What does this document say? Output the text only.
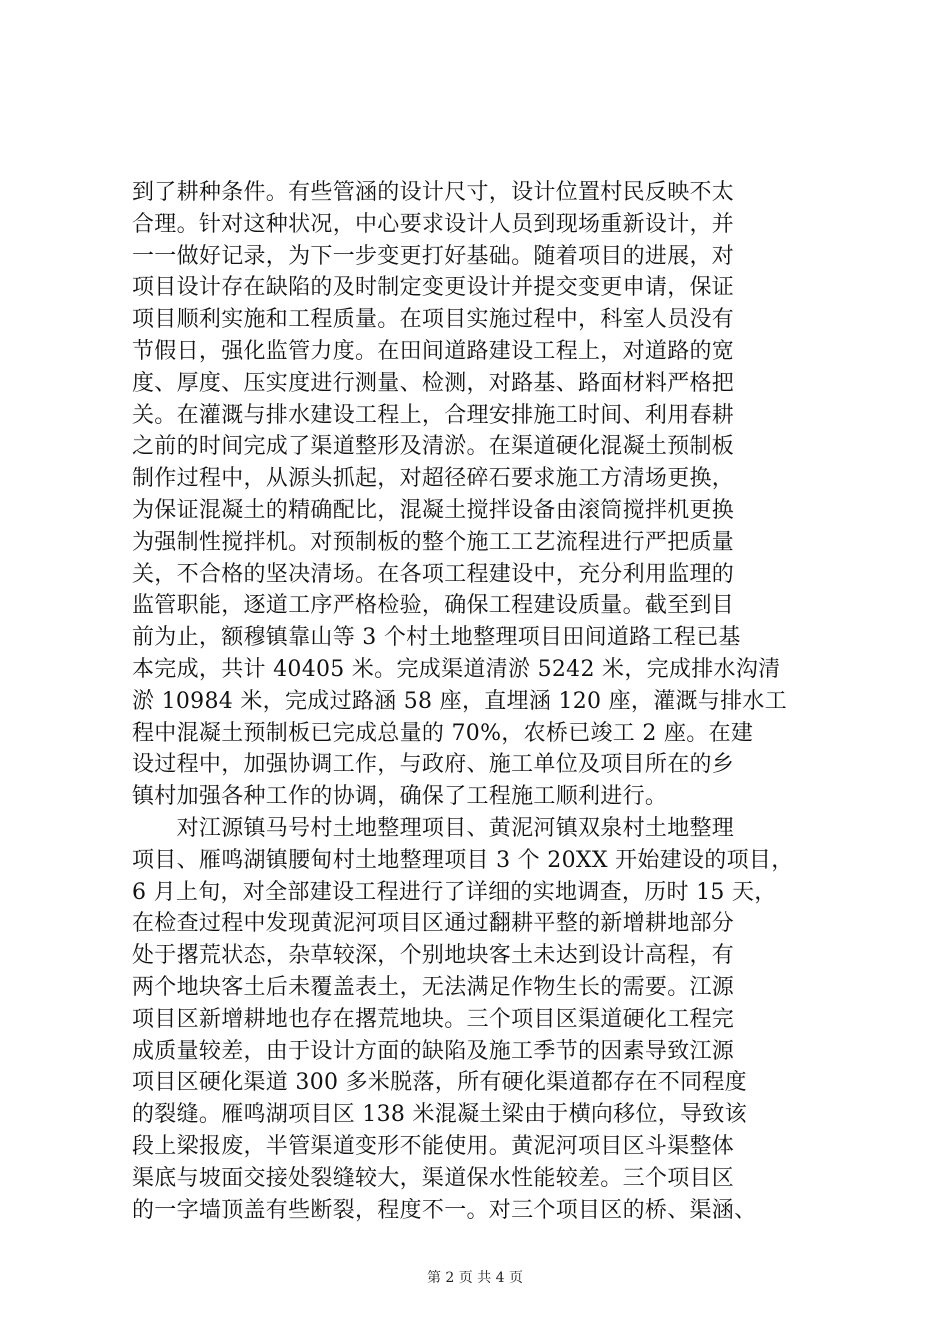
到了耕种条件。有些管涵的设计尺寸，设计位置村民反映不太
合理。针对这种状况，中心要求设计人员到现场重新设计，并
一一做好记录，为下一步变更打好基础。随着项目的进展，对
项目设计存在缺陷的及时制定变更设计并提交变更申请，保证
项目顺利实施和工程质量。在项目实施过程中，科室人员没有
节假日，强化监管力度。在田间道路建设工程上，对道路的宽
度、厚度、压实度进行测量、检测，对路基、路面材料严格把
关。在灌溉与排水建设工程上，合理安排施工时间、利用春耕
之前的时间完成了渠道整形及清淤。在渠道硬化混凝土预制板
制作过程中，从源头抓起，对超径碎石要求施工方清场更换，
为保证混凝土的精确配比，混凝土搅拌设备由滚筒搅拌机更换
为强制性搅拌机。对预制板的整个施工工艺流程进行严把质量
关，不合格的坚决清场。在各项工程建设中，充分利用监理的
监管职能，逐道工序严格检验，确保工程建设质量。截至到目
前为止，额穆镇靠山等 3 个村土地整理项目田间道路工程已基
本完成，共计 40405 米。完成渠道清淤 5242 米，完成排水沟清
淤 10984 米，完成过路涵 58 座，直埋涵 120 座，灌溉与排水工
程中混凝土预制板已完成总量的 70%，农桥已竣工 2 座。在建
设过程中，加强协调工作，与政府、施工单位及项目所在的乡
镇村加强各种工作的协调，确保了工程施工顺利进行。
　　对江源镇马号村土地整理项目、黄泥河镇双泉村土地整理
项目、雁鸣湖镇腰甸村土地整理项目 3 个 20XX 开始建设的项目，
6 月上旬，对全部建设工程进行了详细的实地调查，历时 15 天，
在检查过程中发现黄泥河项目区通过翻耕平整的新增耕地部分
处于撂荒状态，杂草较深，个别地块客土未达到设计高程，有
两个地块客土后未覆盖表土，无法满足作物生长的需要。江源
项目区新增耕地也存在撂荒地块。三个项目区渠道硬化工程完
成质量较差，由于设计方面的缺陷及施工季节的因素导致江源
项目区硬化渠道 300 多米脱落，所有硬化渠道都存在不同程度
的裂缝。雁鸣湖项目区 138 米混凝土梁由于横向移位，导致该
段上梁报废，半管渠道变形不能使用。黄泥河项目区斗渠整体
渠底与坡面交接处裂缝较大，渠道保水性能较差。三个项目区
的一字墙顶盖有些断裂，程度不一。对三个项目区的桥、渠涵、
第 2 页 共 4 页
